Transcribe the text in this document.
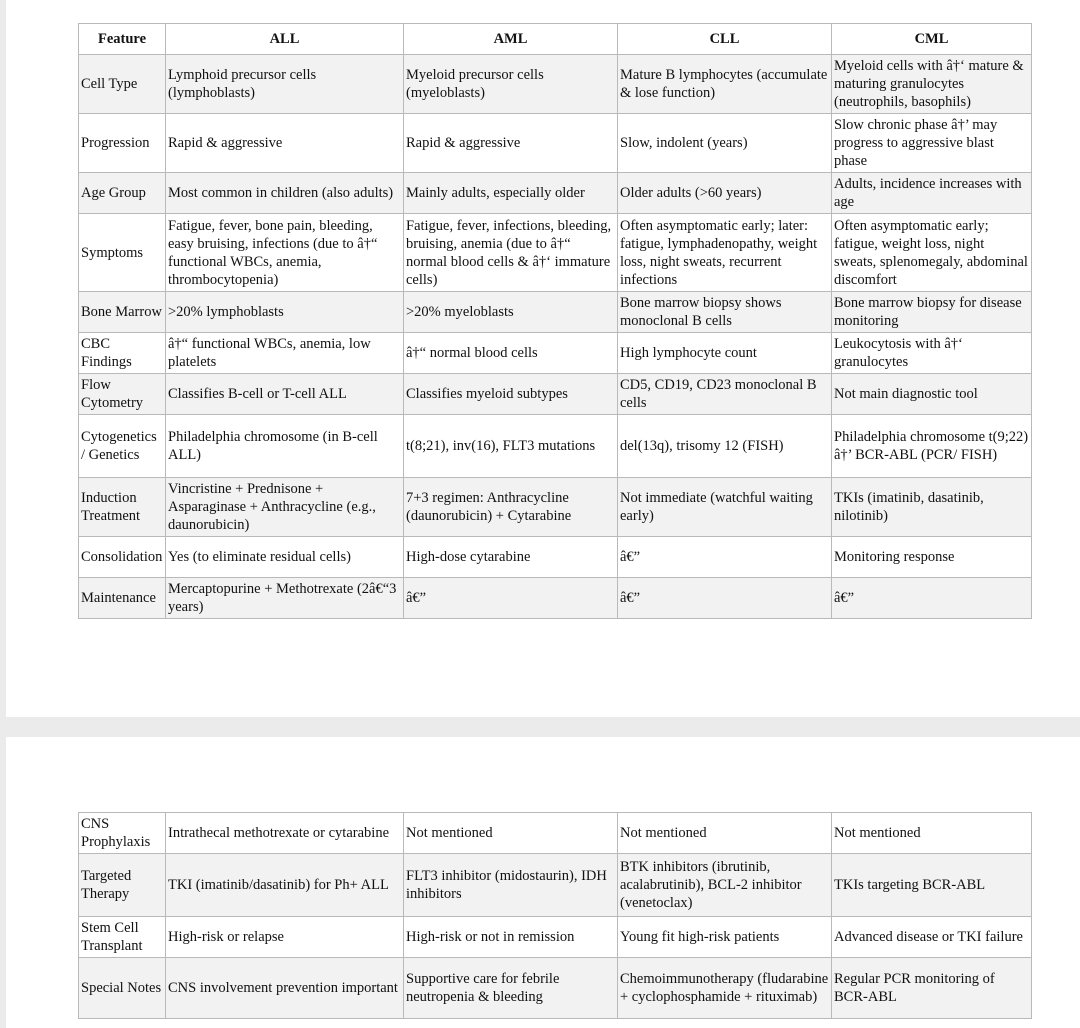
Feature	ALL	AML	CLL	CML
Cell Type	Lymphoid precursor cells (lymphoblasts)	Myeloid precursor cells (myeloblasts)	Mature B lymphocytes (accumulate & lose function)	Myeloid cells with â†‘ mature & maturing granulocytes (neutrophils, basophils)
Progression	Rapid & aggressive	Rapid & aggressive	Slow, indolent (years)	Slow chronic phase â†’ may progress to aggressive blast phase
Age Group	Most common in children (also adults)	Mainly adults, especially older	Older adults (>60 years)	Adults, incidence increases with age
Symptoms	Fatigue, fever, bone pain, bleeding, easy bruising, infections (due to â†“ functional WBCs, anemia, thrombocytopenia)	Fatigue, fever, infections, bleeding, bruising, anemia (due to â†“ normal blood cells & â†‘ immature cells)	Often asymptomatic early; later: fatigue, lymphadenopathy, weight loss, night sweats, recurrent infections	Often asymptomatic early; fatigue, weight loss, night sweats, splenomegaly, abdominal discomfort
Bone Marrow	>20% lymphoblasts	>20% myeloblasts	Bone marrow biopsy shows monoclonal B cells	Bone marrow biopsy for disease monitoring
CBC Findings	â†“ functional WBCs, anemia, low platelets	â†“ normal blood cells	High lymphocyte count	Leukocytosis with â†‘ granulocytes
Flow Cytometry	Classifies B-cell or T-cell ALL	Classifies myeloid subtypes	CD5, CD19, CD23 monoclonal B cells	Not main diagnostic tool
Cytogenetics / Genetics	Philadelphia chromosome (in B-cell ALL)	t(8;21), inv(16), FLT3 mutations	del(13q), trisomy 12 (FISH)	Philadelphia chromosome t(9;22) â†’ BCR-ABL (PCR/ FISH)
Induction Treatment	Vincristine + Prednisone + Asparaginase + Anthracycline (e.g., daunorubicin)	7+3 regimen: Anthracycline (daunorubicin) + Cytarabine	Not immediate (watchful waiting early)	TKIs (imatinib, dasatinib, nilotinib)
Consolidation	Yes (to eliminate residual cells)	High-dose cytarabine	â€”	Monitoring response
Maintenance	Mercaptopurine + Methotrexate (2â€“3 years)	â€”	â€”	â€”
CNS Prophylaxis	Intrathecal methotrexate or cytarabine	Not mentioned	Not mentioned	Not mentioned
Targeted Therapy	TKI (imatinib/dasatinib) for Ph+ ALL	FLT3 inhibitor (midostaurin), IDH inhibitors	BTK inhibitors (ibrutinib, acalabrutinib), BCL-2 inhibitor (venetoclax)	TKIs targeting BCR-ABL
Stem Cell Transplant	High-risk or relapse	High-risk or not in remission	Young fit high-risk patients	Advanced disease or TKI failure
Special Notes	CNS involvement prevention important	Supportive care for febrile neutropenia & bleeding	Chemoimmunotherapy (fludarabine + cyclophosphamide + rituximab)	Regular PCR monitoring of BCR-ABL
